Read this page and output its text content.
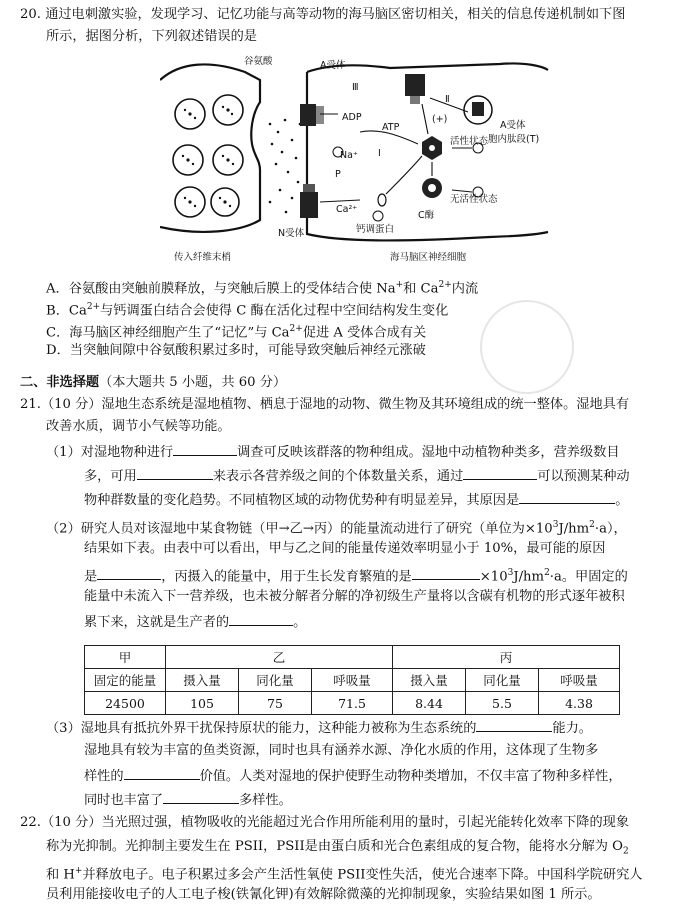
20. 通过电刺激实验，发现学习、记忆功能与高等动物的海马脑区密切相关，相关的信息传递机制如下图
所示，据图分析，下列叙述错误的是
谷氨酸	A受体
Ⅲ
Ⅱ
ADP
ATP
(+)
Na⁺
P
Ⅰ
活性状态
无活性状态
A受体
胞内肽段(T)
Ca²⁺
钙调蛋白
C酶
N受体
传入纤维末梢	海马脑区神经细胞
A．谷氨酸由突触前膜释放，与突触后膜上的受体结合使 Na+和 $Ca^{2+}$内流
B．$Ca^{2+}$与钙调蛋白结合会使得 C 酶在活化过程中空间结构发生变化
C．海马脑区神经细胞产生了“记忆”与 $Ca^{2+}$促进 A 受体合成有关
D．当突触间隙中谷氨酸积累过多时，可能导致突触后神经元涨破
二、非选择题（本大题共 5 小题，共 60 分）
21.（10 分）湿地生态系统是湿地植物、栖息于湿地的动物、微生物及其环境组成的统一整体。湿地具有
改善水质，调节小气候等功能。
（1）对湿地物种进行	调查可反映该群落的物种组成。湿地中动植物种类多，营养级数目
多，可用	来表示各营养级之间的个体数量关系，通过	可以预测某种动
物种群数量的变化趋势。不同植物区域的动物优势种有明显差异，其原因是	。
（2）研究人员对该湿地中某食物链（甲→乙→丙）的能量流动进行了研究（单位为$\times 10^3J/hm^2\cdot a$），
结果如下表。由表中可以看出，甲与乙之间的能量传递效率明显小于 10%，最可能的原因
是	，丙摄入的能量中，用于生长发育繁殖的是	$\times 10^3J/hm^2\cdot a$。甲固定的
能量中未流入下一营养级，也未被分解者分解的净初级生产量将以含碳有机物的形式逐年被积
累下来，这就是生产者的	。
甲	乙			丙		
固定的能量	摄入量	同化量	呼吸量	摄入量	同化量	呼吸量
24500	105	75	71.5	8.44	5.5	4.38
（3）湿地具有抵抗外界干扰保持原状的能力，这种能力被称为生态系统的	能力。
湿地具有较为丰富的鱼类资源，同时也具有涵养水源、净化水质的作用，这体现了生物多
样性的	价值。人类对湿地的保护使野生动物种类增加，不仅丰富了物种多样性，
同时也丰富了	多样性。
22.（10 分）当光照过强，植物吸收的光能超过光合作用所能利用的量时，引起光能转化效率下降的现象
称为光抑制。光抑制主要发生在 PSII，PSII是由蛋白质和光合色素组成的复合物，能将水分解为 $O_2$
和 H+并释放电子。电子积累过多会产生活性氧使 PSII变性失活，使光合速率下降。中国科学院研究人
员利用能接收电子的人工电子梭(铁氰化钾)有效解除微藻的光抑制现象，实验结果如图 1 所示。
